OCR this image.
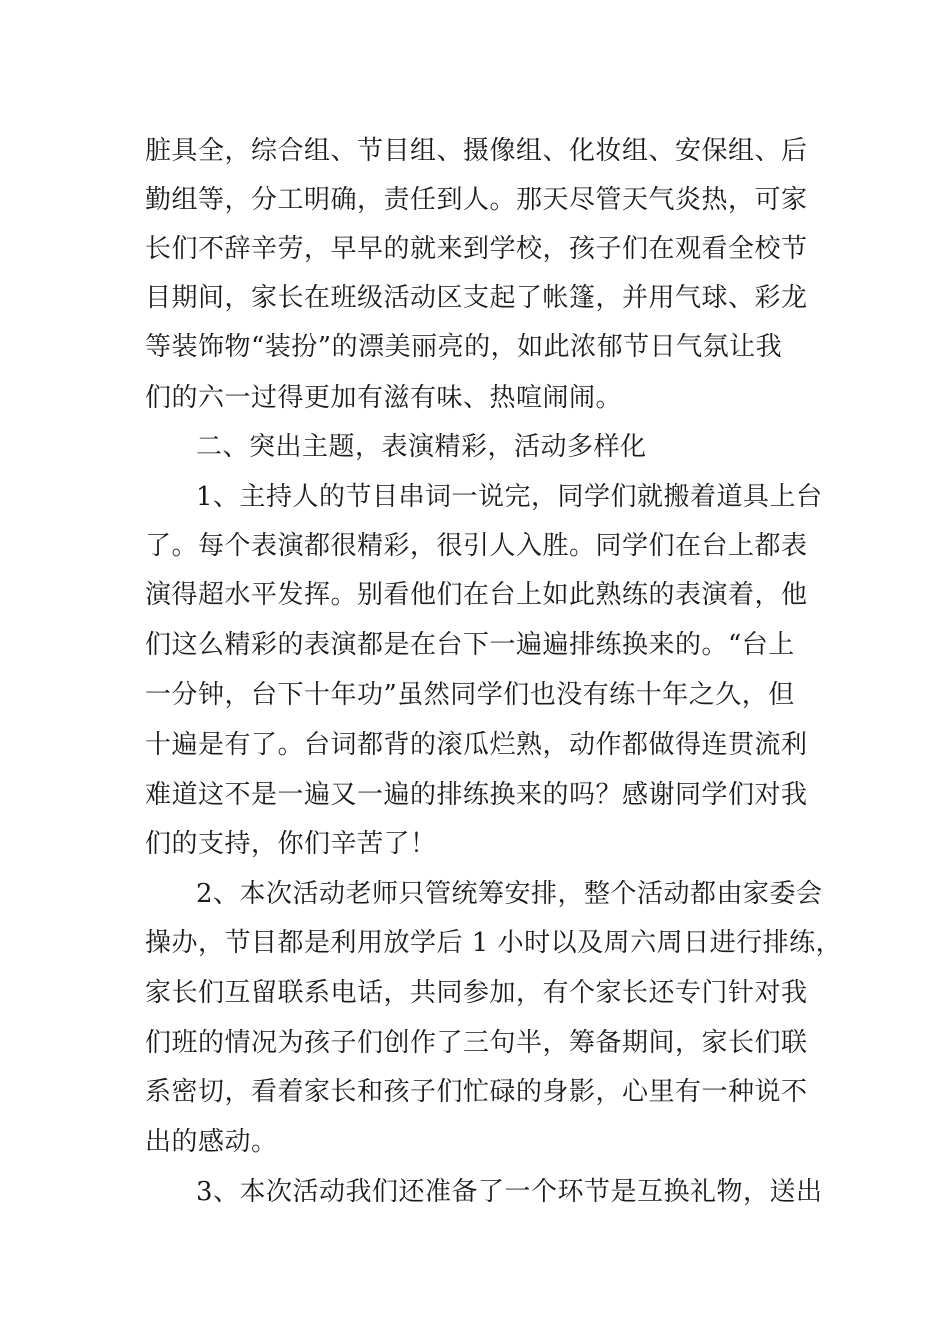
脏具全，综合组、节目组、摄像组、化妆组、安保组、后
勤组等，分工明确，责任到人。那天尽管天气炎热，可家
长们不辞辛劳，早早的就来到学校，孩子们在观看全校节
目期间，家长在班级活动区支起了帐篷，并用气球、彩龙
等装饰物“装扮”的漂美丽亮的，如此浓郁节日气氛让我
们的六一过得更加有滋有味、热喧闹闹。
二、突出主题，表演精彩，活动多样化
1、主持人的节目串词一说完，同学们就搬着道具上台
了。每个表演都很精彩，很引人入胜。同学们在台上都表
演得超水平发挥。别看他们在台上如此熟练的表演着，他
们这么精彩的表演都是在台下一遍遍排练换来的。“台上
一分钟，台下十年功”虽然同学们也没有练十年之久，但
十遍是有了。台词都背的滚瓜烂熟，动作都做得连贯流利
难道这不是一遍又一遍的排练换来的吗？感谢同学们对我
们的支持，你们辛苦了！
2、本次活动老师只管统筹安排，整个活动都由家委会
操办，节目都是利用放学后 1 小时以及周六周日进行排练，
家长们互留联系电话，共同参加，有个家长还专门针对我
们班的情况为孩子们创作了三句半，筹备期间，家长们联
系密切，看着家长和孩子们忙碌的身影，心里有一种说不
出的感动。
3、本次活动我们还准备了一个环节是互换礼物，送出
